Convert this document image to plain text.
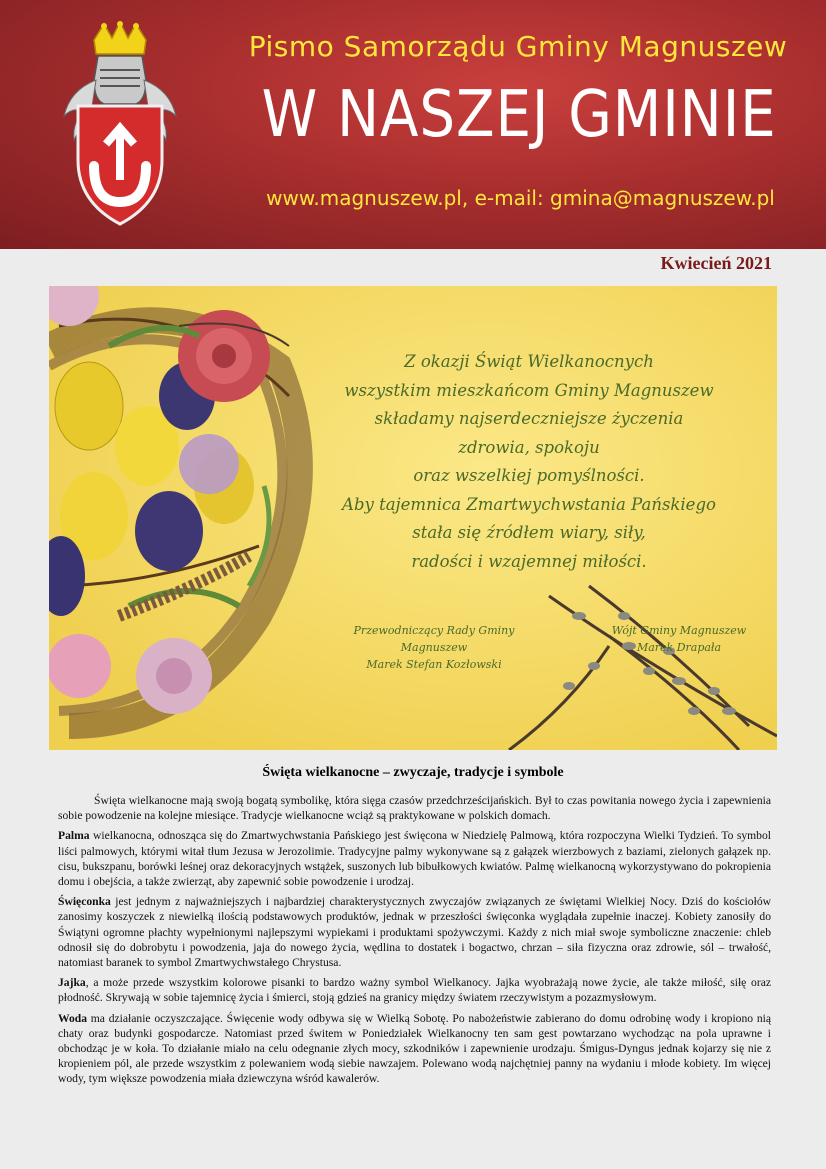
Pismo Samorządu Gminy Magnuszew
W NASZEJ GMINIE
www.magnuszew.pl, e-mail: gmina@magnuszew.pl
Kwiecień 2021
Z okazji Świąt Wielkanocnych
wszystkim mieszkańcom Gminy Magnuszew
składamy najserdeczniejsze życzenia
zdrowia, spokoju
oraz wszelkiej pomyślności.
Aby tajemnica Zmartwychwstania Pańskiego
stała się źródłem wiary, siły,
radości i wzajemnej miłości.
Przewodniczący Rady Gminy Magnuszew
Marek Stefan Kozłowski
Wójt Gminy Magnuszew
Marek Drapała
Święta wielkanocne – zwyczaje, tradycje i symbole

Święta wielkanocne mają swoją bogatą symbolikę, która sięga czasów przedchrześcijańskich. Był to czas powitania nowego życia i zapewnienia sobie powodzenie na kolejne miesiące. Tradycje wielkanocne wciąż są praktykowane w polskich domach.

Palma wielkanocna, odnosząca się do Zmartwychwstania Pańskiego jest święcona w Niedzielę Palmową, która rozpoczyna Wielki Tydzień. To symbol liści palmowych, którymi witał tłum Jezusa w Jerozolimie. Tradycyjne palmy wykonywane są z gałązek wierzbowych z baziami, zielonych gałązek np. cisu, bukszpanu, borówki leśnej oraz dekoracyjnych wstążek, suszonych lub bibułkowych kwiatów. Palmę wielkanocną wykorzystywano do pokropienia domu i obejścia, a także zwierząt, aby zapewnić sobie powodzenie i urodzaj.

Święconka jest jednym z najważniejszych i najbardziej charakterystycznych zwyczajów związanych ze świętami Wielkiej Nocy. Dziś do kościołów zanosimy koszyczek z niewielką ilością podstawowych produktów, jednak w przeszłości święconka wyglądała zupełnie inaczej. Kobiety zanosiły do Świątyni ogromne płachty wypełnionymi najlepszymi wypiekami i produktami spożywczymi. Każdy z nich miał swoje symboliczne znaczenie: chleb odnosił się do dobrobytu i powodzenia, jaja do nowego życia, wędlina to dostatek i bogactwo, chrzan – siła fizyczna oraz zdrowie, sól – trwałość, natomiast baranek to symbol Zmartwychwstałego Chrystusa.

Jajka, a może przede wszystkim kolorowe pisanki to bardzo ważny symbol Wielkanocy. Jajka wyobrażają nowe życie, ale także miłość, siłę oraz płodność. Skrywają w sobie tajemnicę życia i śmierci, stoją gdzieś na granicy między światem rzeczywistym a pozazmysłowym.

Woda ma działanie oczyszczające. Święcenie wody odbywa się w Wielką Sobotę. Po nabożeństwie zabierano do domu odrobinę wody i kropiono nią chaty oraz budynki gospodarcze. Natomiast przed świtem w Poniedziałek Wielkanocny ten sam gest powtarzano wychodząc na pola uprawne i obchodząc je w koła. To działanie miało na celu odegnanie złych mocy, szkodników i zapewnienie urodzaju. Śmigus-Dyngus jednak kojarzy się nie z kropieniem pól, ale przede wszystkim z polewaniem wodą siebie nawzajem. Polewano wodą najchętniej panny na wydaniu i młode kobiety. Im więcej wody, tym większe powodzenia miała dziewczyna wśród kawalerów.
